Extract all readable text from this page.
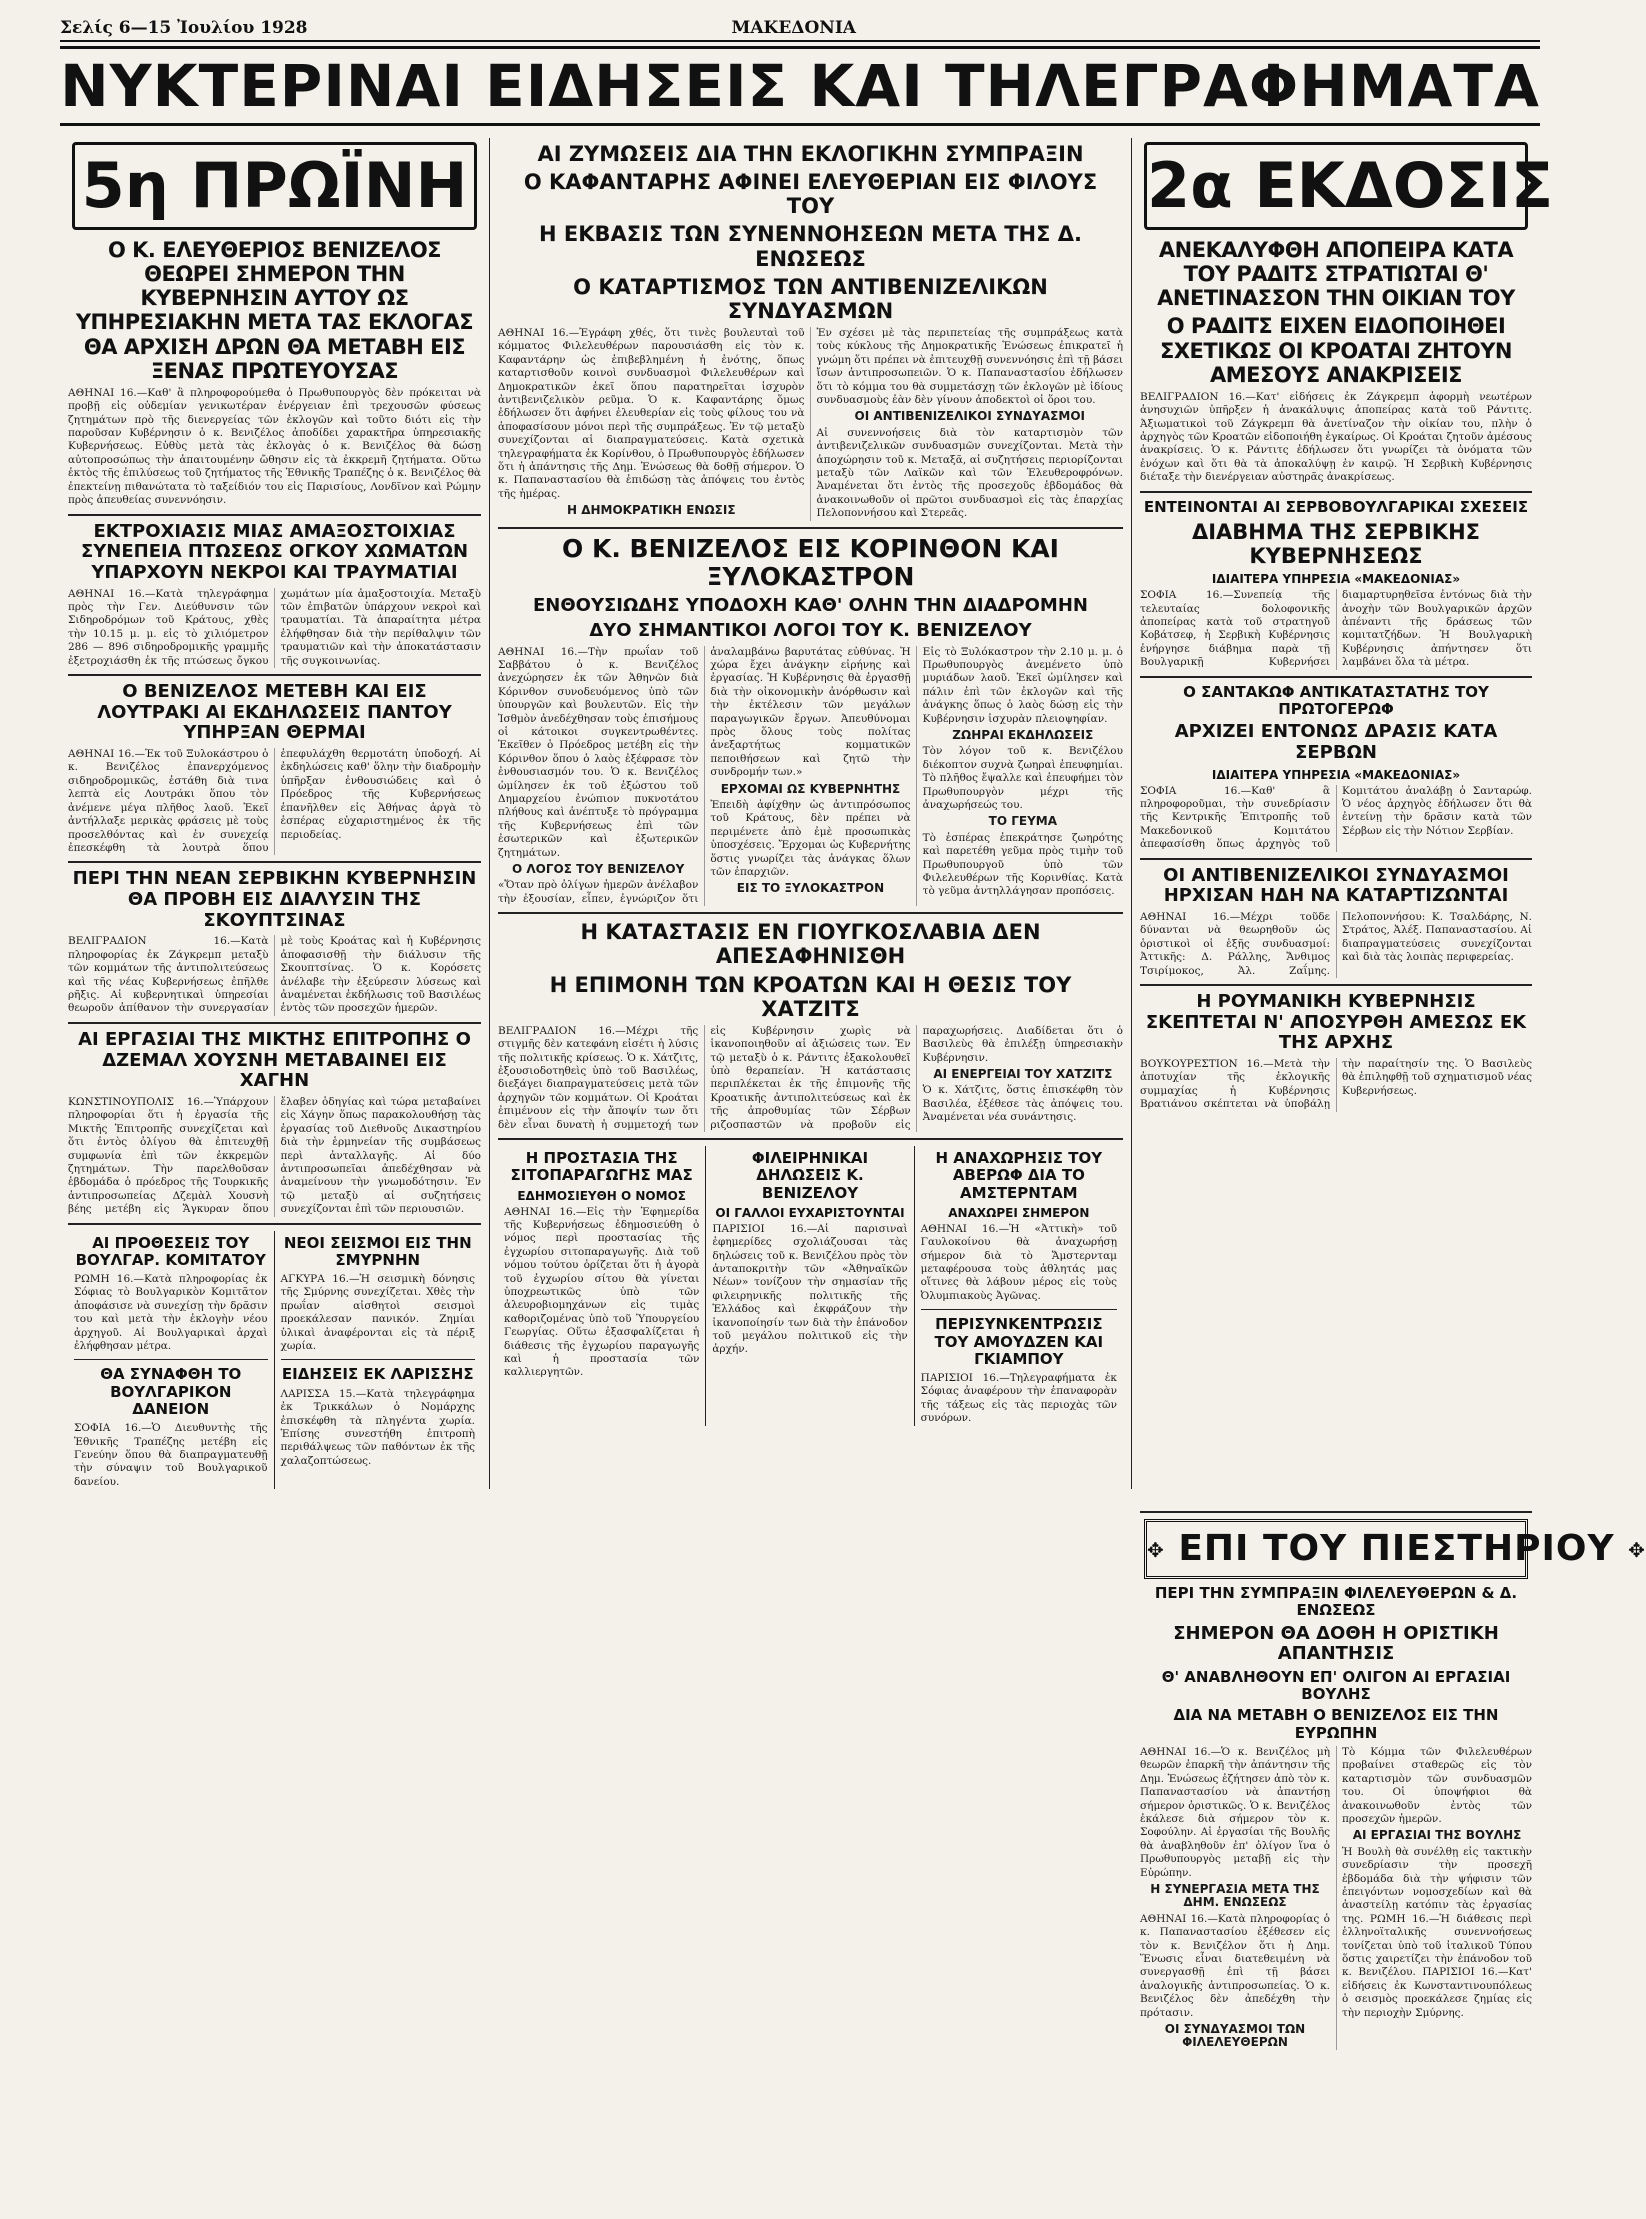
Σελίς 6—15 Ἰουλίου 1928	ΜΑΚΕΔΟΝΙΑ
ΝΥΚΤΕΡΙΝΑΙ ΕΙΔΗΣΕΙΣ ΚΑΙ ΤΗΛΕΓΡΑΦΗΜΑΤΑ
5η ΠΡΩΪΝΗ
Ο Κ. ΕΛΕΥΘΕΡΙΟΣ ΒΕΝΙΖΕΛΟΣ ΘΕΩΡΕΙ ΣΗΜΕΡΟΝ ΤΗΝ ΚΥΒΕΡΝΗΣΙΝ ΑΥΤΟΥ ΩΣ ΥΠΗΡΕΣΙΑΚΗΝ ΜΕΤΑ ΤΑΣ ΕΚΛΟΓΑΣ ΘΑ ΑΡΧΙΣΗ ΔΡΩΝ ΘΑ ΜΕΤΑΒΗ ΕΙΣ ΞΕΝΑΣ ΠΡΩΤΕΥΟΥΣΑΣ
ΑΘΗΝΑΙ 16.—Καθ' ἃ πληροφορούμεθα ὁ Πρωθυπουργὸς δὲν πρόκειται νὰ προβῇ εἰς οὐδεμίαν γενικωτέραν ἐνέργειαν ἐπὶ τρεχουσῶν φύσεως ζητημάτων πρὸ τῆς διενεργείας τῶν ἐκλογῶν καὶ τοῦτο διότι εἰς τὴν παροῦσαν Κυβέρνησιν ὁ κ. Βενιζέλος ἀποδίδει χαρακτῆρα ὑπηρεσιακῆς Κυβερνήσεως. Εὐθὺς μετὰ τὰς ἐκλογὰς ὁ κ. Βενιζέλος θὰ δώσῃ αὐτοπροσώπως τὴν ἀπαιτουμένην ὤθησιν εἰς τὰ ἐκκρεμῆ ζητήματα. Οὕτω ἐκτὸς τῆς ἐπιλύσεως τοῦ ζητήματος τῆς Ἐθνικῆς Τραπέζης ὁ κ. Βενιζέλος θὰ ἐπεκτείνῃ πιθανώτατα τὸ ταξείδιόν του εἰς Παρισίους, Λονδῖνον καὶ Ρώμην πρὸς ἀπευθείας συνεννόησιν.
ΕΚΤΡΟΧΙΑΣΙΣ ΜΙΑΣ ΑΜΑΞΟΣΤΟΙΧΙΑΣ ΣΥΝΕΠΕΙΑ ΠΤΩΣΕΩΣ ΟΓΚΟΥ ΧΩΜΑΤΩΝ ΥΠΑΡΧΟΥΝ ΝΕΚΡΟΙ ΚΑΙ ΤΡΑΥΜΑΤΙΑΙ
ΑΘΗΝΑΙ 16.—Κατὰ τηλεγράφημα πρὸς τὴν Γεν. Διεύθυνσιν τῶν Σιδηροδρόμων τοῦ Κράτους, χθὲς τὴν 10.15 μ. μ. εἰς τὸ χιλιόμετρον 286 — 896 σιδηροδρομικῆς γραμμῆς ἐξετροχιάσθη ἐκ τῆς πτώσεως ὄγκου χωμάτων μία ἁμαξοστοιχία. Μεταξὺ τῶν ἐπιβατῶν ὑπάρχουν νεκροὶ καὶ τραυματίαι. Τὰ ἀπαραίτητα μέτρα ἐλήφθησαν διὰ τὴν περίθαλψιν τῶν τραυματιῶν καὶ τὴν ἀποκατάστασιν τῆς συγκοινωνίας.
Ο ΒΕΝΙΖΕΛΟΣ ΜΕΤΕΒΗ ΚΑΙ ΕΙΣ ΛΟΥΤΡΑΚΙ ΑΙ ΕΚΔΗΛΩΣΕΙΣ ΠΑΝΤΟΥ ΥΠΗΡΞΑΝ ΘΕΡΜΑΙ
ΑΘΗΝΑΙ 16.—Ἐκ τοῦ Ξυλοκάστρου ὁ κ. Βενιζέλος ἐπανερχόμενος σιδηροδρομικῶς, ἐστάθη διὰ τινα λεπτὰ εἰς Λουτράκι ὅπου τὸν ἀνέμενε μέγα πλῆθος λαοῦ. Ἐκεῖ ἀντήλλαξε μερικὰς φράσεις μὲ τοὺς προσελθόντας καὶ ἐν συνεχείᾳ ἐπεσκέφθη τὰ λουτρὰ ὅπου ἐπεφυλάχθη θερμοτάτη ὑποδοχή. Αἱ ἐκδηλώσεις καθ' ὅλην τὴν διαδρομὴν ὑπῆρξαν ἐνθουσιώδεις καὶ ὁ Πρόεδρος τῆς Κυβερνήσεως ἐπανῆλθεν εἰς Ἀθήνας ἀργὰ τὸ ἑσπέρας εὐχαριστημένος ἐκ τῆς περιοδείας.
ΠΕΡΙ ΤΗΝ ΝΕΑΝ ΣΕΡΒΙΚΗΝ ΚΥΒΕΡΝΗΣΙΝ ΘΑ ΠΡΟΒΗ ΕΙΣ ΔΙΑΛΥΣΙΝ ΤΗΣ ΣΚΟΥΠΤΣΙΝΑΣ
ΒΕΛΙΓΡΑΔΙΟΝ 16.—Κατὰ πληροφορίας ἐκ Ζάγκρεμπ μεταξὺ τῶν κομμάτων τῆς ἀντιπολιτεύσεως καὶ τῆς νέας Κυβερνήσεως ἐπῆλθε ρῆξις. Αἱ κυβερνητικαὶ ὑπηρεσίαι θεωροῦν ἀπίθανον τὴν συνεργασίαν μὲ τοὺς Κροάτας καὶ ἡ Κυβέρνησις ἀποφασισθῇ τὴν διάλυσιν τῆς Σκουπτσίνας. Ὁ κ. Κορόσετς ἀνέλαβε τὴν ἐξεύρεσιν λύσεως καὶ ἀναμένεται ἐκδήλωσις τοῦ Βασιλέως ἐντὸς τῶν προσεχῶν ἡμερῶν.
ΑΙ ΕΡΓΑΣΙΑΙ ΤΗΣ ΜΙΚΤΗΣ ΕΠΙΤΡΟΠΗΣ Ο ΔΖΕΜΑΛ ΧΟΥΣΝΗ ΜΕΤΑΒΑΙΝΕΙ ΕΙΣ ΧΑΓΗΝ
ΚΩΝΣΤΙΝΟΥΠΟΛΙΣ 16.—Ὑπάρχουν πληροφορίαι ὅτι ἡ ἐργασία τῆς Μικτῆς Ἐπιτροπῆς συνεχίζεται καὶ ὅτι ἐντὸς ὀλίγου θὰ ἐπιτευχθῇ συμφωνία ἐπὶ τῶν ἐκκρεμῶν ζητημάτων. Τὴν παρελθοῦσαν ἑβδομάδα ὁ πρόεδρος τῆς Τουρκικῆς ἀντιπροσωπείας Δζεμὰλ Χουσνὴ βέης μετέβη εἰς Ἄγκυραν ὅπου ἔλαβεν ὁδηγίας καὶ τώρα μεταβαίνει εἰς Χάγην ὅπως παρακολουθήσῃ τὰς ἐργασίας τοῦ Διεθνοῦς Δικαστηρίου διὰ τὴν ἑρμηνείαν τῆς συμβάσεως περὶ ἀνταλλαγῆς. Αἱ δύο ἀντιπροσωπεῖαι ἀπεδέχθησαν νὰ ἀναμείνουν τὴν γνωμοδότησιν. Ἐν τῷ μεταξὺ αἱ συζητήσεις συνεχίζονται ἐπὶ τῶν περιουσιῶν.
ΑΙ ΠΡΟΘΕΣΕΙΣ ΤΟΥ ΒΟΥΛΓΑΡ. ΚΟΜΙΤΑΤΟΥ
ΡΩΜΗ 16.—Κατὰ πληροφορίας ἐκ Σόφιας τὸ Βουλγαρικὸν Κομιτᾶτον ἀποφάσισε νὰ συνεχίσῃ τὴν δρᾶσιν του καὶ μετὰ τὴν ἐκλογὴν νέου ἀρχηγοῦ. Αἱ Βουλγαρικαὶ ἀρχαὶ ἐλήφθησαν μέτρα.
ΘΑ ΣΥΝΑΦΘΗ ΤΟ ΒΟΥΛΓΑΡΙΚΟΝ ΔΑΝΕΙΟΝ
ΣΟΦΙΑ 16.—Ὁ Διευθυντὴς τῆς Ἐθνικῆς Τραπέζης μετέβη εἰς Γενεύην ὅπου θὰ διαπραγματευθῇ τὴν σύναψιν τοῦ Βουλγαρικοῦ δανείου.
ΝΕΟΙ ΣΕΙΣΜΟΙ ΕΙΣ ΤΗΝ ΣΜΥΡΝΗΝ
ΑΓΚΥΡΑ 16.—Ἡ σεισμικὴ δόνησις τῆς Σμύρνης συνεχίζεται. Χθὲς τὴν πρωΐαν αἰσθητοὶ σεισμοὶ προεκάλεσαν πανικόν. Ζημίαι ὑλικαὶ ἀναφέρονται εἰς τὰ πέριξ χωρία.
ΕΙΔΗΣΕΙΣ ΕΚ ΛΑΡΙΣΣΗΣ
ΛΑΡΙΣΣΑ 15.—Κατὰ τηλεγράφημα ἐκ Τρικκάλων ὁ Νομάρχης ἐπισκέφθη τὰ πληγέντα χωρία. Ἐπίσης συνεστήθη ἐπιτροπὴ περιθάλψεως τῶν παθόντων ἐκ τῆς χαλαζοπτώσεως.
ΑΙ ΖΥΜΩΣΕΙΣ ΔΙΑ ΤΗΝ ΕΚΛΟΓΙΚΗΝ ΣΥΜΠΡΑΞΙΝ
Ο ΚΑΦΑΝΤΑΡΗΣ ΑΦΙΝΕΙ ΕΛΕΥΘΕΡΙΑΝ ΕΙΣ ΦΙΛΟΥΣ ΤΟΥ
Η ΕΚΒΑΣΙΣ ΤΩΝ ΣΥΝΕΝΝΟΗΣΕΩΝ ΜΕΤΑ ΤΗΣ Δ. ΕΝΩΣΕΩΣ
Ο ΚΑΤΑΡΤΙΣΜΟΣ ΤΩΝ ΑΝΤΙΒΕΝΙΖΕΛΙΚΩΝ ΣΥΝΔΥΑΣΜΩΝ
ΑΘΗΝΑΙ 16.—Ἐγράφη χθές, ὅτι τινὲς βουλευταὶ τοῦ κόμματος Φιλελευθέρων παρουσιάσθη εἰς τὸν κ. Καφαντάρην ὡς ἐπιβεβλημένη ἡ ἐνότης, ὅπως καταρτισθοῦν κοινοὶ συνδυασμοὶ Φιλελευθέρων καὶ Δημοκρατικῶν ἐκεῖ ὅπου παρατηρεῖται ἰσχυρὸν ἀντιβενιζελικὸν ρεῦμα. Ὁ κ. Καφαντάρης ὅμως ἐδήλωσεν ὅτι ἀφήνει ἐλευθερίαν εἰς τοὺς φίλους του νὰ ἀποφασίσουν μόνοι περὶ τῆς συμπράξεως. Ἐν τῷ μεταξὺ συνεχίζονται αἱ διαπραγματεύσεις. Κατὰ σχετικὰ τηλεγραφήματα ἐκ Κορίνθου, ὁ Πρωθυπουργὸς ἐδήλωσεν ὅτι ἡ ἀπάντησις τῆς Δημ. Ἑνώσεως θὰ δοθῇ σήμερον. Ὁ κ. Παπαναστασίου θὰ ἐπιδώσῃ τὰς ἀπόψεις του ἐντὸς τῆς ἡμέρας.
Η ΔΗΜΟΚΡΑΤΙΚΗ ΕΝΩΣΙΣ
Ἐν σχέσει μὲ τὰς περιπετείας τῆς συμπράξεως κατὰ τοὺς κύκλους τῆς Δημοκρατικῆς Ἑνώσεως ἐπικρατεῖ ἡ γνώμη ὅτι πρέπει νὰ ἐπιτευχθῇ συνεννόησις ἐπὶ τῇ βάσει ἴσων ἀντιπροσωπειῶν. Ὁ κ. Παπαναστασίου ἐδήλωσεν ὅτι τὸ κόμμα του θὰ συμμετάσχῃ τῶν ἐκλογῶν μὲ ἰδίους συνδυασμοὺς ἐὰν δὲν γίνουν ἀποδεκτοὶ οἱ ὅροι του.
ΟΙ ΑΝΤΙΒΕΝΙΖΕΛΙΚΟΙ ΣΥΝΔΥΑΣΜΟΙ
Αἱ συνεννοήσεις διὰ τὸν καταρτισμὸν τῶν ἀντιβενιζελικῶν συνδυασμῶν συνεχίζονται. Μετὰ τὴν ἀποχώρησιν τοῦ κ. Μεταξᾶ, αἱ συζητήσεις περιορίζονται μεταξὺ τῶν Λαϊκῶν καὶ τῶν Ἐλευθεροφρόνων. Ἀναμένεται ὅτι ἐντὸς τῆς προσεχοῦς ἑβδομάδος θὰ ἀνακοινωθοῦν οἱ πρῶτοι συνδυασμοὶ εἰς τὰς ἐπαρχίας Πελοποννήσου καὶ Στερεᾶς.
Ο Κ. ΒΕΝΙΖΕΛΟΣ ΕΙΣ ΚΟΡΙΝΘΟΝ ΚΑΙ ΞΥΛΟΚΑΣΤΡΟΝ
ΕΝΘΟΥΣΙΩΔΗΣ ΥΠΟΔΟΧΗ ΚΑΘ' ΟΛΗΝ ΤΗΝ ΔΙΑΔΡΟΜΗΝ
ΔΥΟ ΣΗΜΑΝΤΙΚΟΙ ΛΟΓΟΙ ΤΟΥ Κ. ΒΕΝΙΖΕΛΟΥ
ΑΘΗΝΑΙ 16.—Τὴν πρωΐαν τοῦ Σαββάτου ὁ κ. Βενιζέλος ἀνεχώρησεν ἐκ τῶν Ἀθηνῶν διὰ Κόρινθον συνοδευόμενος ὑπὸ τῶν ὑπουργῶν καὶ βουλευτῶν. Εἰς τὴν Ἰσθμὸν ἀνεδέχθησαν τοὺς ἐπισήμους οἱ κάτοικοι συγκεντρωθέντες. Ἐκεῖθεν ὁ Πρόεδρος μετέβη εἰς τὴν Κόρινθον ὅπου ὁ λαὸς ἐξέφρασε τὸν ἐνθουσιασμόν του. Ὁ κ. Βενιζέλος ὡμίλησεν ἐκ τοῦ ἐξώστου τοῦ Δημαρχείου ἐνώπιον πυκνοτάτου πλήθους καὶ ἀνέπτυξε τὸ πρόγραμμα τῆς Κυβερνήσεως ἐπὶ τῶν ἐσωτερικῶν καὶ ἐξωτερικῶν ζητημάτων.
Ο ΛΟΓΟΣ ΤΟΥ ΒΕΝΙΖΕΛΟΥ
«Ὅταν πρὸ ὀλίγων ἡμερῶν ἀνέλαβον τὴν ἐξουσίαν, εἶπεν, ἐγνώριζον ὅτι ἀναλαμβάνω βαρυτάτας εὐθύνας. Ἡ χώρα ἔχει ἀνάγκην εἰρήνης καὶ ἐργασίας. Ἡ Κυβέρνησις θὰ ἐργασθῇ διὰ τὴν οἰκονομικὴν ἀνόρθωσιν καὶ τὴν ἐκτέλεσιν τῶν μεγάλων παραγωγικῶν ἔργων. Ἀπευθύνομαι πρὸς ὅλους τοὺς πολίτας ἀνεξαρτήτως κομματικῶν πεποιθήσεων καὶ ζητῶ τὴν συνδρομήν των.»
ΕΡΧΟΜΑΙ ΩΣ ΚΥΒΕΡΝΗΤΗΣ
Ἐπειδὴ ἀφίχθην ὡς ἀντιπρόσωπος τοῦ Κράτους, δὲν πρέπει νὰ περιμένετε ἀπὸ ἐμὲ προσωπικὰς ὑποσχέσεις. Ἔρχομαι ὡς Κυβερνήτης ὅστις γνωρίζει τὰς ἀνάγκας ὅλων τῶν ἐπαρχιῶν.
ΕΙΣ ΤΟ ΞΥΛΟΚΑΣΤΡΟΝ
Εἰς τὸ Ξυλόκαστρον τὴν 2.10 μ. μ. ὁ Πρωθυπουργὸς ἀνεμένετο ὑπὸ μυριάδων λαοῦ. Ἐκεῖ ὡμίλησεν καὶ πάλιν ἐπὶ τῶν ἐκλογῶν καὶ τῆς ἀνάγκης ὅπως ὁ λαὸς δώσῃ εἰς τὴν Κυβέρνησιν ἰσχυρὰν πλειοψηφίαν.
ΖΩΗΡΑΙ ΕΚΔΗΛΩΣΕΙΣ
Τὸν λόγον τοῦ κ. Βενιζέλου διέκοπτον συχνὰ ζωηραὶ ἐπευφημίαι. Τὸ πλῆθος ἔψαλλε καὶ ἐπευφήμει τὸν Πρωθυπουργὸν μέχρι τῆς ἀναχωρήσεώς του.
ΤΟ ΓΕΥΜΑ
Τὸ ἑσπέρας ἐπεκράτησε ζωηρότης καὶ παρετέθη γεῦμα πρὸς τιμὴν τοῦ Πρωθυπουργοῦ ὑπὸ τῶν Φιλελευθέρων τῆς Κορινθίας. Κατὰ τὸ γεῦμα ἀντηλλάγησαν προπόσεις.
Η ΚΑΤΑΣΤΑΣΙΣ ΕΝ ΓΙΟΥΓΚΟΣΛΑΒΙΑ ΔΕΝ ΑΠΕΣΑΦΗΝΙΣΘΗ
Η ΕΠΙΜΟΝΗ ΤΩΝ ΚΡΟΑΤΩΝ ΚΑΙ Η ΘΕΣΙΣ ΤΟΥ ΧΑΤΖΙΤΣ
ΒΕΛΙΓΡΑΔΙΟΝ 16.—Μέχρι τῆς στιγμῆς δὲν κατεφάνη εἰσέτι ἡ λύσις τῆς πολιτικῆς κρίσεως. Ὁ κ. Χάτζιτς, ἐξουσιοδοτηθεὶς ὑπὸ τοῦ Βασιλέως, διεξάγει διαπραγματεύσεις μετὰ τῶν ἀρχηγῶν τῶν κομμάτων. Οἱ Κροάται ἐπιμένουν εἰς τὴν ἄποψίν των ὅτι δὲν εἶναι δυνατὴ ἡ συμμετοχή των εἰς Κυβέρνησιν χωρὶς νὰ ἱκανοποιηθοῦν αἱ ἀξιώσεις των. Ἐν τῷ μεταξὺ ὁ κ. Ράντιτς ἐξακολουθεῖ ὑπὸ θεραπείαν. Ἡ κατάστασις περιπλέκεται ἐκ τῆς ἐπιμονῆς τῆς Κροατικῆς ἀντιπολιτεύσεως καὶ ἐκ τῆς ἀπροθυμίας τῶν Σέρβων ριζοσπαστῶν νὰ προβοῦν εἰς παραχωρήσεις. Διαδίδεται ὅτι ὁ Βασιλεὺς θὰ ἐπιλέξῃ ὑπηρεσιακὴν Κυβέρνησιν.
ΑΙ ΕΝΕΡΓΕΙΑΙ ΤΟΥ ΧΑΤΖΙΤΣ
Ὁ κ. Χάτζιτς, ὅστις ἐπισκέφθη τὸν Βασιλέα, ἐξέθεσε τὰς ἀπόψεις του. Ἀναμένεται νέα συνάντησις.
Η ΠΡΟΣΤΑΣΙΑ ΤΗΣ ΣΙΤΟΠΑΡΑΓΩΓΗΣ ΜΑΣ
ΕΔΗΜΟΣΙΕΥΘΗ Ο ΝΟΜΟΣ
ΑΘΗΝΑΙ 16.—Εἰς τὴν Ἐφημερίδα τῆς Κυβερνήσεως ἐδημοσιεύθη ὁ νόμος περὶ προστασίας τῆς ἐγχωρίου σιτοπαραγωγῆς. Διὰ τοῦ νόμου τούτου ὁρίζεται ὅτι ἡ ἀγορὰ τοῦ ἐγχωρίου σίτου θὰ γίνεται ὑποχρεωτικῶς ὑπὸ τῶν ἀλευροβιομηχάνων εἰς τιμὰς καθοριζομένας ὑπὸ τοῦ Ὑπουργείου Γεωργίας. Οὕτω ἐξασφαλίζεται ἡ διάθεσις τῆς ἐγχωρίου παραγωγῆς καὶ ἡ προστασία τῶν καλλιεργητῶν.
ΦΙΛΕΙΡΗΝΙΚΑΙ ΔΗΛΩΣΕΙΣ Κ. ΒΕΝΙΖΕΛΟΥ
ΟΙ ΓΑΛΛΟΙ ΕΥΧΑΡΙΣΤΟΥΝΤΑΙ
ΠΑΡΙΣΙΟΙ 16.—Αἱ παρισιναὶ ἐφημερίδες σχολιάζουσαι τὰς δηλώσεις τοῦ κ. Βενιζέλου πρὸς τὸν ἀνταποκριτὴν τῶν «Ἀθηναϊκῶν Νέων» τονίζουν τὴν σημασίαν τῆς φιλειρηνικῆς πολιτικῆς τῆς Ἑλλάδος καὶ ἐκφράζουν τὴν ἱκανοποίησίν των διὰ τὴν ἐπάνοδον τοῦ μεγάλου πολιτικοῦ εἰς τὴν ἀρχήν.
Η ΑΝΑΧΩΡΗΣΙΣ ΤΟΥ ΑΒΕΡΩΦ ΔΙΑ ΤΟ ΑΜΣΤΕΡΝΤΑΜ
ΑΝΑΧΩΡΕΙ ΣΗΜΕΡΟΝ
ΑΘΗΝΑΙ 16.—Ἡ «Ἀττικὴ» τοῦ Γαυλοκοίνου θὰ ἀναχωρήσῃ σήμερον διὰ τὸ Ἄμστερνταμ μεταφέρουσα τοὺς ἀθλητάς μας οἵτινες θὰ λάβουν μέρος εἰς τοὺς Ὀλυμπιακοὺς Ἀγῶνας.
ΠΕΡΙΣΥΝΚΕΝΤΡΩΣΙΣ ΤΟΥ ΑΜΟΥΔΖΕΝ ΚΑΙ ΓΚΙΑΜΠΟΥ
ΠΑΡΙΣΙΟΙ 16.—Τηλεγραφήματα ἐκ Σόφιας ἀναφέρουν τὴν ἐπαναφορὰν τῆς τάξεως εἰς τὰς περιοχὰς τῶν συνόρων.
2α ΕΚΔΟΣΙΣ
ΑΝΕΚΑΛΥΦΘΗ ΑΠΟΠΕΙΡΑ ΚΑΤΑ ΤΟΥ ΡΑΔΙΤΣ ΣΤΡΑΤΙΩΤΑΙ Θ' ΑΝΕΤΙΝΑΣΣΟΝ ΤΗΝ ΟΙΚΙΑΝ ΤΟΥ
Ο ΡΑΔΙΤΣ ΕΙΧΕΝ ΕΙΔΟΠΟΙΗΘΕΙ ΣΧΕΤΙΚΩΣ ΟΙ ΚΡΟΑΤΑΙ ΖΗΤΟΥΝ ΑΜΕΣΟΥΣ ΑΝΑΚΡΙΣΕΙΣ
ΒΕΛΙΓΡΑΔΙΟΝ 16.—Κατ' εἰδήσεις ἐκ Ζάγκρεμπ ἀφορμὴ νεωτέρων ἀνησυχιῶν ὑπῆρξεν ἡ ἀνακάλυψις ἀποπείρας κατὰ τοῦ Ράντιτς. Ἀξιωματικοὶ τοῦ Ζάγκρεμπ θὰ ἀνετίναζον τὴν οἰκίαν του, πλὴν ὁ ἀρχηγὸς τῶν Κροατῶν εἰδοποιήθη ἐγκαίρως. Οἱ Κροάται ζητοῦν ἀμέσους ἀνακρίσεις. Ὁ κ. Ράντιτς ἐδήλωσεν ὅτι γνωρίζει τὰ ὀνόματα τῶν ἐνόχων καὶ ὅτι θὰ τὰ ἀποκαλύψῃ ἐν καιρῷ. Ἡ Σερβικὴ Κυβέρνησις διέταξε τὴν διενέργειαν αὐστηρᾶς ἀνακρίσεως.
ΕΝΤΕΙΝΟΝΤΑΙ ΑΙ ΣΕΡΒΟΒΟΥΛΓΑΡΙΚΑΙ ΣΧΕΣΕΙΣ
ΔΙΑΒΗΜΑ ΤΗΣ ΣΕΡΒΙΚΗΣ ΚΥΒΕΡΝΗΣΕΩΣ
ΙΔΙΑΙΤΕΡΑ ΥΠΗΡΕΣΙΑ «ΜΑΚΕΔΟΝΙΑΣ»
ΣΟΦΙΑ 16.—Συνεπείᾳ τῆς τελευταίας δολοφονικῆς ἀποπείρας κατὰ τοῦ στρατηγοῦ Κοβάτσεφ, ἡ Σερβικὴ Κυβέρνησις ἐνήργησε διάβημα παρὰ τῇ Βουλγαρικῇ Κυβερνήσει διαμαρτυρηθεῖσα ἐντόνως διὰ τὴν ἀνοχὴν τῶν Βουλγαρικῶν ἀρχῶν ἀπέναντι τῆς δράσεως τῶν κομιτατζήδων. Ἡ Βουλγαρικὴ Κυβέρνησις ἀπήντησεν ὅτι λαμβάνει ὅλα τὰ μέτρα.
Ο ΣΑΝΤΑΚΩΦ ΑΝΤΙΚΑΤΑΣΤΑΤΗΣ ΤΟΥ ΠΡΩΤΟΓΕΡΩΦ
ΑΡΧΙΖΕΙ ΕΝΤΟΝΩΣ ΔΡΑΣΙΣ ΚΑΤΑ ΣΕΡΒΩΝ
ΙΔΙΑΙΤΕΡΑ ΥΠΗΡΕΣΙΑ «ΜΑΚΕΔΟΝΙΑΣ»
ΣΟΦΙΑ 16.—Καθ' ἃ πληροφοροῦμαι, τὴν συνεδρίασιν τῆς Κεντρικῆς Ἐπιτροπῆς τοῦ Μακεδονικοῦ Κομιτάτου ἀπεφασίσθη ὅπως ἀρχηγὸς τοῦ Κομιτάτου ἀναλάβῃ ὁ Σανταρώφ. Ὁ νέος ἀρχηγὸς ἐδήλωσεν ὅτι θὰ ἐντείνῃ τὴν δρᾶσιν κατὰ τῶν Σέρβων εἰς τὴν Νότιον Σερβίαν.
ΟΙ ΑΝΤΙΒΕΝΙΖΕΛΙΚΟΙ ΣΥΝΔΥΑΣΜΟΙ ΗΡΧΙΣΑΝ ΗΔΗ ΝΑ ΚΑΤΑΡΤΙΖΩΝΤΑΙ
ΑΘΗΝΑΙ 16.—Μέχρι τοῦδε δύνανται νὰ θεωρηθοῦν ὡς ὁριστικοὶ οἱ ἑξῆς συνδυασμοί: Ἀττικῆς: Δ. Ράλλης, Ἄνθιμος Τσιρίμοκος, Ἀλ. Ζαΐμης. Πελοποννήσου: Κ. Τσαλδάρης, Ν. Στράτος, Ἀλέξ. Παπαναστασίου. Αἱ διαπραγματεύσεις συνεχίζονται καὶ διὰ τὰς λοιπὰς περιφερείας.
Η ΡΟΥΜΑΝΙΚΗ ΚΥΒΕΡΝΗΣΙΣ ΣΚΕΠΤΕΤΑΙ Ν' ΑΠΟΣΥΡΘΗ ΑΜΕΣΩΣ ΕΚ ΤΗΣ ΑΡΧΗΣ
ΒΟΥΚΟΥΡΕΣΤΙΟΝ 16.—Μετὰ τὴν ἀποτυχίαν τῆς ἐκλογικῆς συμμαχίας ἡ Κυβέρνησις Βρατιάνου σκέπτεται νὰ ὑποβάλῃ τὴν παραίτησίν της. Ὁ Βασιλεὺς θὰ ἐπιληφθῇ τοῦ σχηματισμοῦ νέας Κυβερνήσεως.
✥ ΕΠΙ ΤΟΥ ΠΙΕΣΤΗΡΙΟΥ ✥
ΠΕΡΙ ΤΗΝ ΣΥΜΠΡΑΞΙΝ ΦΙΛΕΛΕΥΘΕΡΩΝ & Δ. ΕΝΩΣΕΩΣ
ΣΗΜΕΡΟΝ ΘΑ ΔΟΘΗ Η ΟΡΙΣΤΙΚΗ ΑΠΑΝΤΗΣΙΣ
Θ' ΑΝΑΒΛΗΘΟΥΝ ΕΠ' ΟΛΙΓΟΝ ΑΙ ΕΡΓΑΣΙΑΙ ΒΟΥΛΗΣ
ΔΙΑ ΝΑ ΜΕΤΑΒΗ Ο ΒΕΝΙΖΕΛΟΣ ΕΙΣ ΤΗΝ ΕΥΡΩΠΗΝ
ΑΘΗΝΑΙ 16.—Ὁ κ. Βενιζέλος μὴ θεωρῶν ἐπαρκῆ τὴν ἀπάντησιν τῆς Δημ. Ἑνώσεως ἐζήτησεν ἀπὸ τὸν κ. Παπαναστασίου νὰ ἀπαντήσῃ σήμερον ὁριστικῶς. Ὁ κ. Βενιζέλος ἐκάλεσε διὰ σήμερον τὸν κ. Σοφούλην. Αἱ ἐργασίαι τῆς Βουλῆς θὰ ἀναβληθοῦν ἐπ' ὀλίγον ἵνα ὁ Πρωθυπουργὸς μεταβῇ εἰς τὴν Εὐρώπην.
Η ΣΥΝΕΡΓΑΣΙΑ ΜΕΤΑ ΤΗΣ ΔΗΜ. ΕΝΩΣΕΩΣ
ΑΘΗΝΑΙ 16.—Κατὰ πληροφορίας ὁ κ. Παπαναστασίου ἐξέθεσεν εἰς τὸν κ. Βενιζέλον ὅτι ἡ Δημ. Ἕνωσις εἶναι διατεθειμένη νὰ συνεργασθῇ ἐπὶ τῇ βάσει ἀναλογικῆς ἀντιπροσωπείας. Ὁ κ. Βενιζέλος δὲν ἀπεδέχθη τὴν πρότασιν.
ΟΙ ΣΥΝΔΥΑΣΜΟΙ ΤΩΝ ΦΙΛΕΛΕΥΘΕΡΩΝ
Τὸ Κόμμα τῶν Φιλελευθέρων προβαίνει σταθερῶς εἰς τὸν καταρτισμὸν τῶν συνδυασμῶν του. Οἱ ὑποψήφιοι θὰ ἀνακοινωθοῦν ἐντὸς τῶν προσεχῶν ἡμερῶν.
ΑΙ ΕΡΓΑΣΙΑΙ ΤΗΣ ΒΟΥΛΗΣ
Ἡ Βουλὴ θὰ συνέλθῃ εἰς τακτικὴν συνεδρίασιν τὴν προσεχῆ ἑβδομάδα διὰ τὴν ψήφισιν τῶν ἐπειγόντων νομοσχεδίων καὶ θὰ ἀναστείλῃ κατόπιν τὰς ἐργασίας της. ΡΩΜΗ 16.—Ἡ διάθεσις περὶ ἑλληνοϊταλικῆς συνεννοήσεως τονίζεται ὑπὸ τοῦ ἰταλικοῦ Τύπου ὅστις χαιρετίζει τὴν ἐπάνοδον τοῦ κ. Βενιζέλου. ΠΑΡΙΣΙΟΙ 16.—Κατ' εἰδήσεις ἐκ Κωνσταντινουπόλεως ὁ σεισμὸς προεκάλεσε ζημίας εἰς τὴν περιοχὴν Σμύρνης.
